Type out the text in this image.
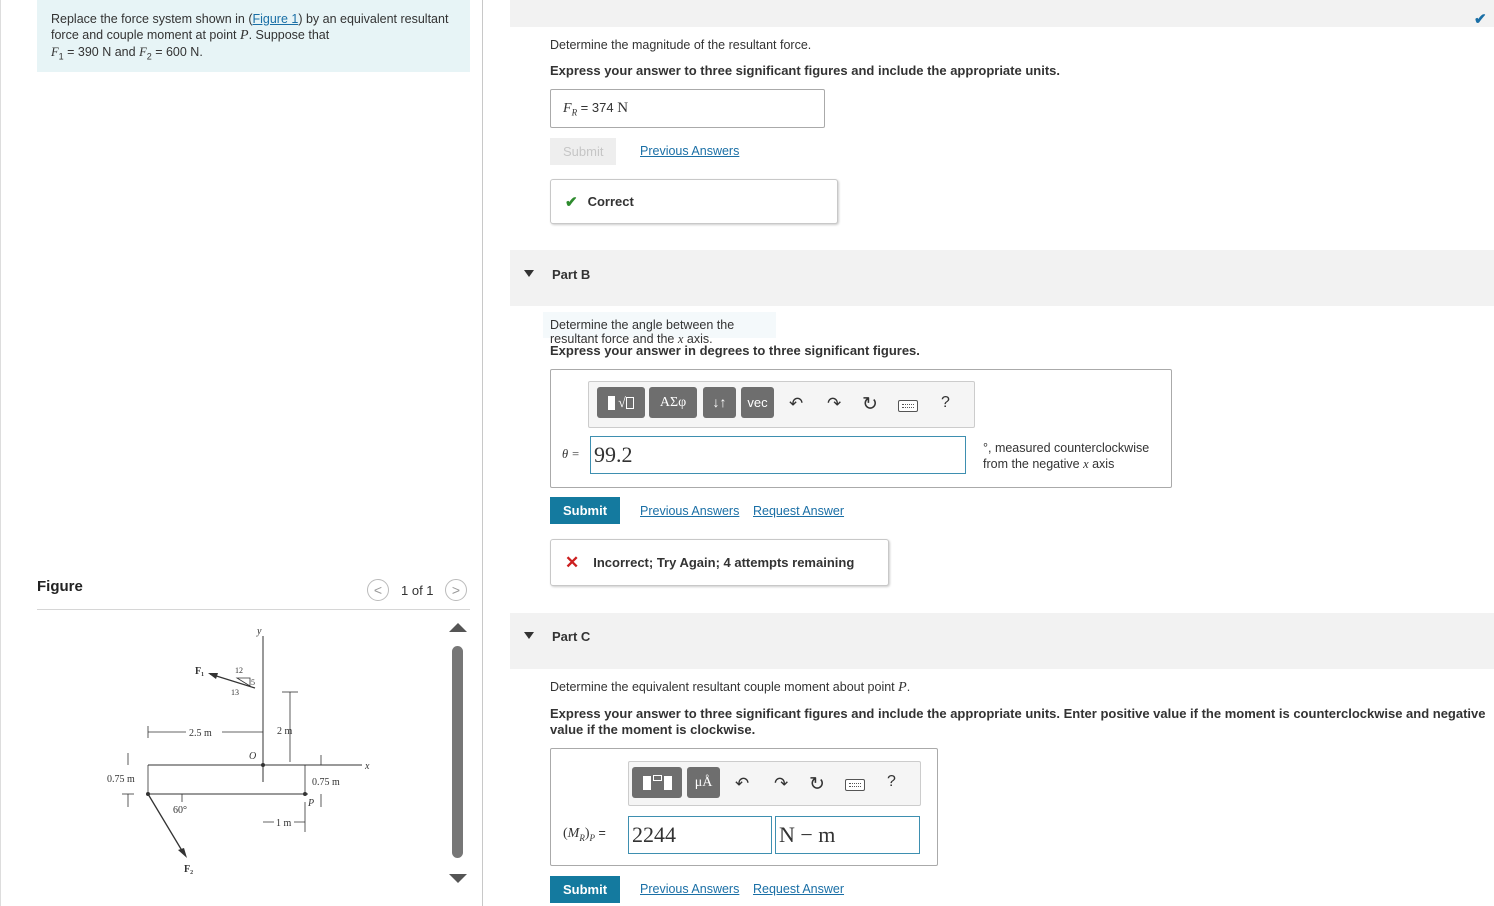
Replace the force system shown in (Figure 1) by an equivalent resultant force and couple moment at point P. Suppose that
$F_1 = 390$ N and $F_2 = 600$ N.
Figure	<	1 of 1	>
y
x
O
F₁	12
5
13
2 m
2.5 m
0.75 m
F₂
60°
0.75 m
P
1 m
✔
Determine the magnitude of the resultant force.
Express your answer to three significant figures and include the appropriate units.
$F_R = 374$ N
Submit	Previous Answers
✔ Correct
Part B
Determine the angle between the resultant force and the x axis.
Express your answer in degrees to three significant figures.
√	ΑΣφ	↓↑	vec	↶ ↷ ↻	?
θ = 99.2	°, measured counterclockwise
from the negative x axis
Submit	Previous Answers Request Answer
✕ Incorrect; Try Again; 4 attempts remaining
Part C
Determine the equivalent resultant couple moment about point P.
Express your answer to three significant figures and include the appropriate units. Enter positive value if the moment is counterclockwise and negative value if the moment is clockwise.
μÅ	↶ ↷ ↻	?
$(M_R)_P = 2244$	N − m
Submit	Previous Answers Request Answer
